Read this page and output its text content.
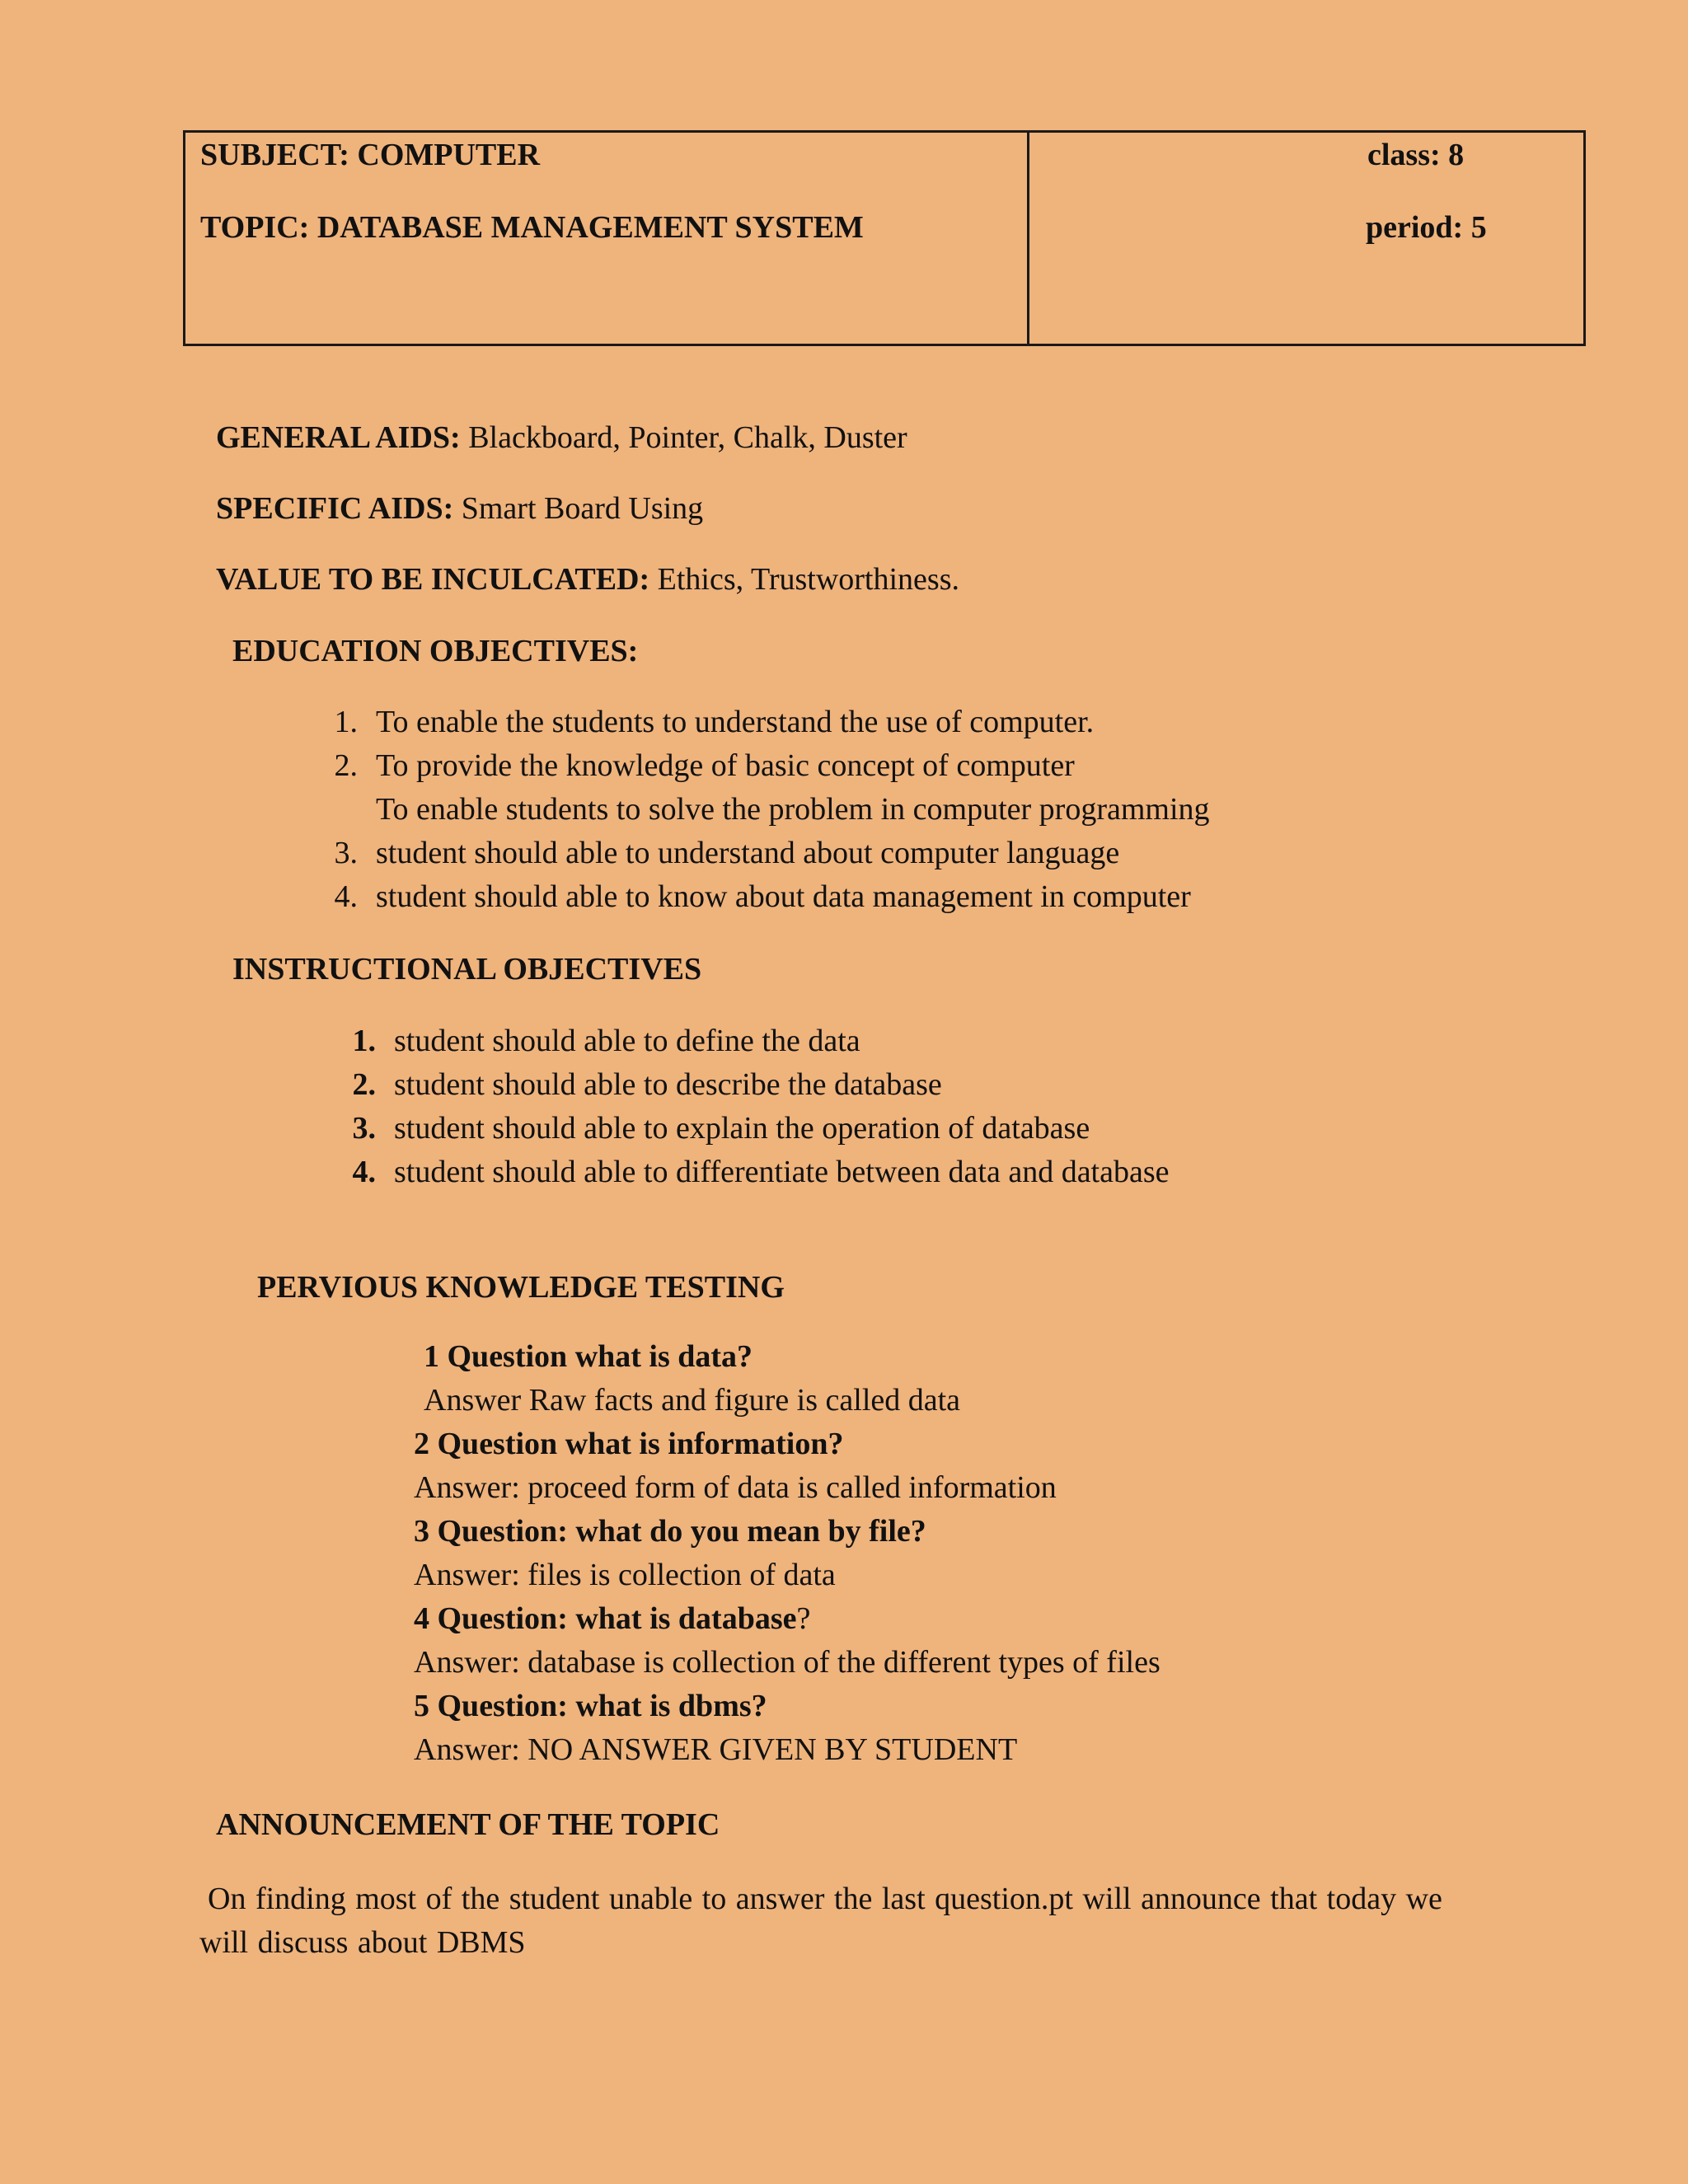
SUBJECT: COMPUTER
TOPIC: DATABASE MANAGEMENT SYSTEM
class: 8
period: 5
GENERAL AIDS: Blackboard, Pointer, Chalk, Duster
SPECIFIC AIDS: Smart Board Using
VALUE TO BE INCULCATED: Ethics, Trustworthiness.
EDUCATION OBJECTIVES:
1. To enable the students to understand the use of computer.
2. To provide the knowledge of basic concept of computer
To enable students to solve the problem in computer programming
3. student should able to understand about computer language
4. student should able to know about data management in computer
INSTRUCTIONAL OBJECTIVES
1. student should able to define the data
2. student should able to describe the database
3. student should able to explain the operation of database
4. student should able to differentiate between data and database
PERVIOUS KNOWLEDGE TESTING
1 Question what is data?
Answer Raw facts and figure is called data
2 Question what is information?
Answer: proceed form of data is called information
3 Question: what do you mean by file?
Answer: files is collection of data
4 Question: what is database?
Answer: database is collection of the different types of files
5 Question: what is dbms?
Answer: NO ANSWER GIVEN BY STUDENT
ANNOUNCEMENT OF THE TOPIC
On finding most of the student unable to answer the last question.pt will announce that today we
will discuss about DBMS
